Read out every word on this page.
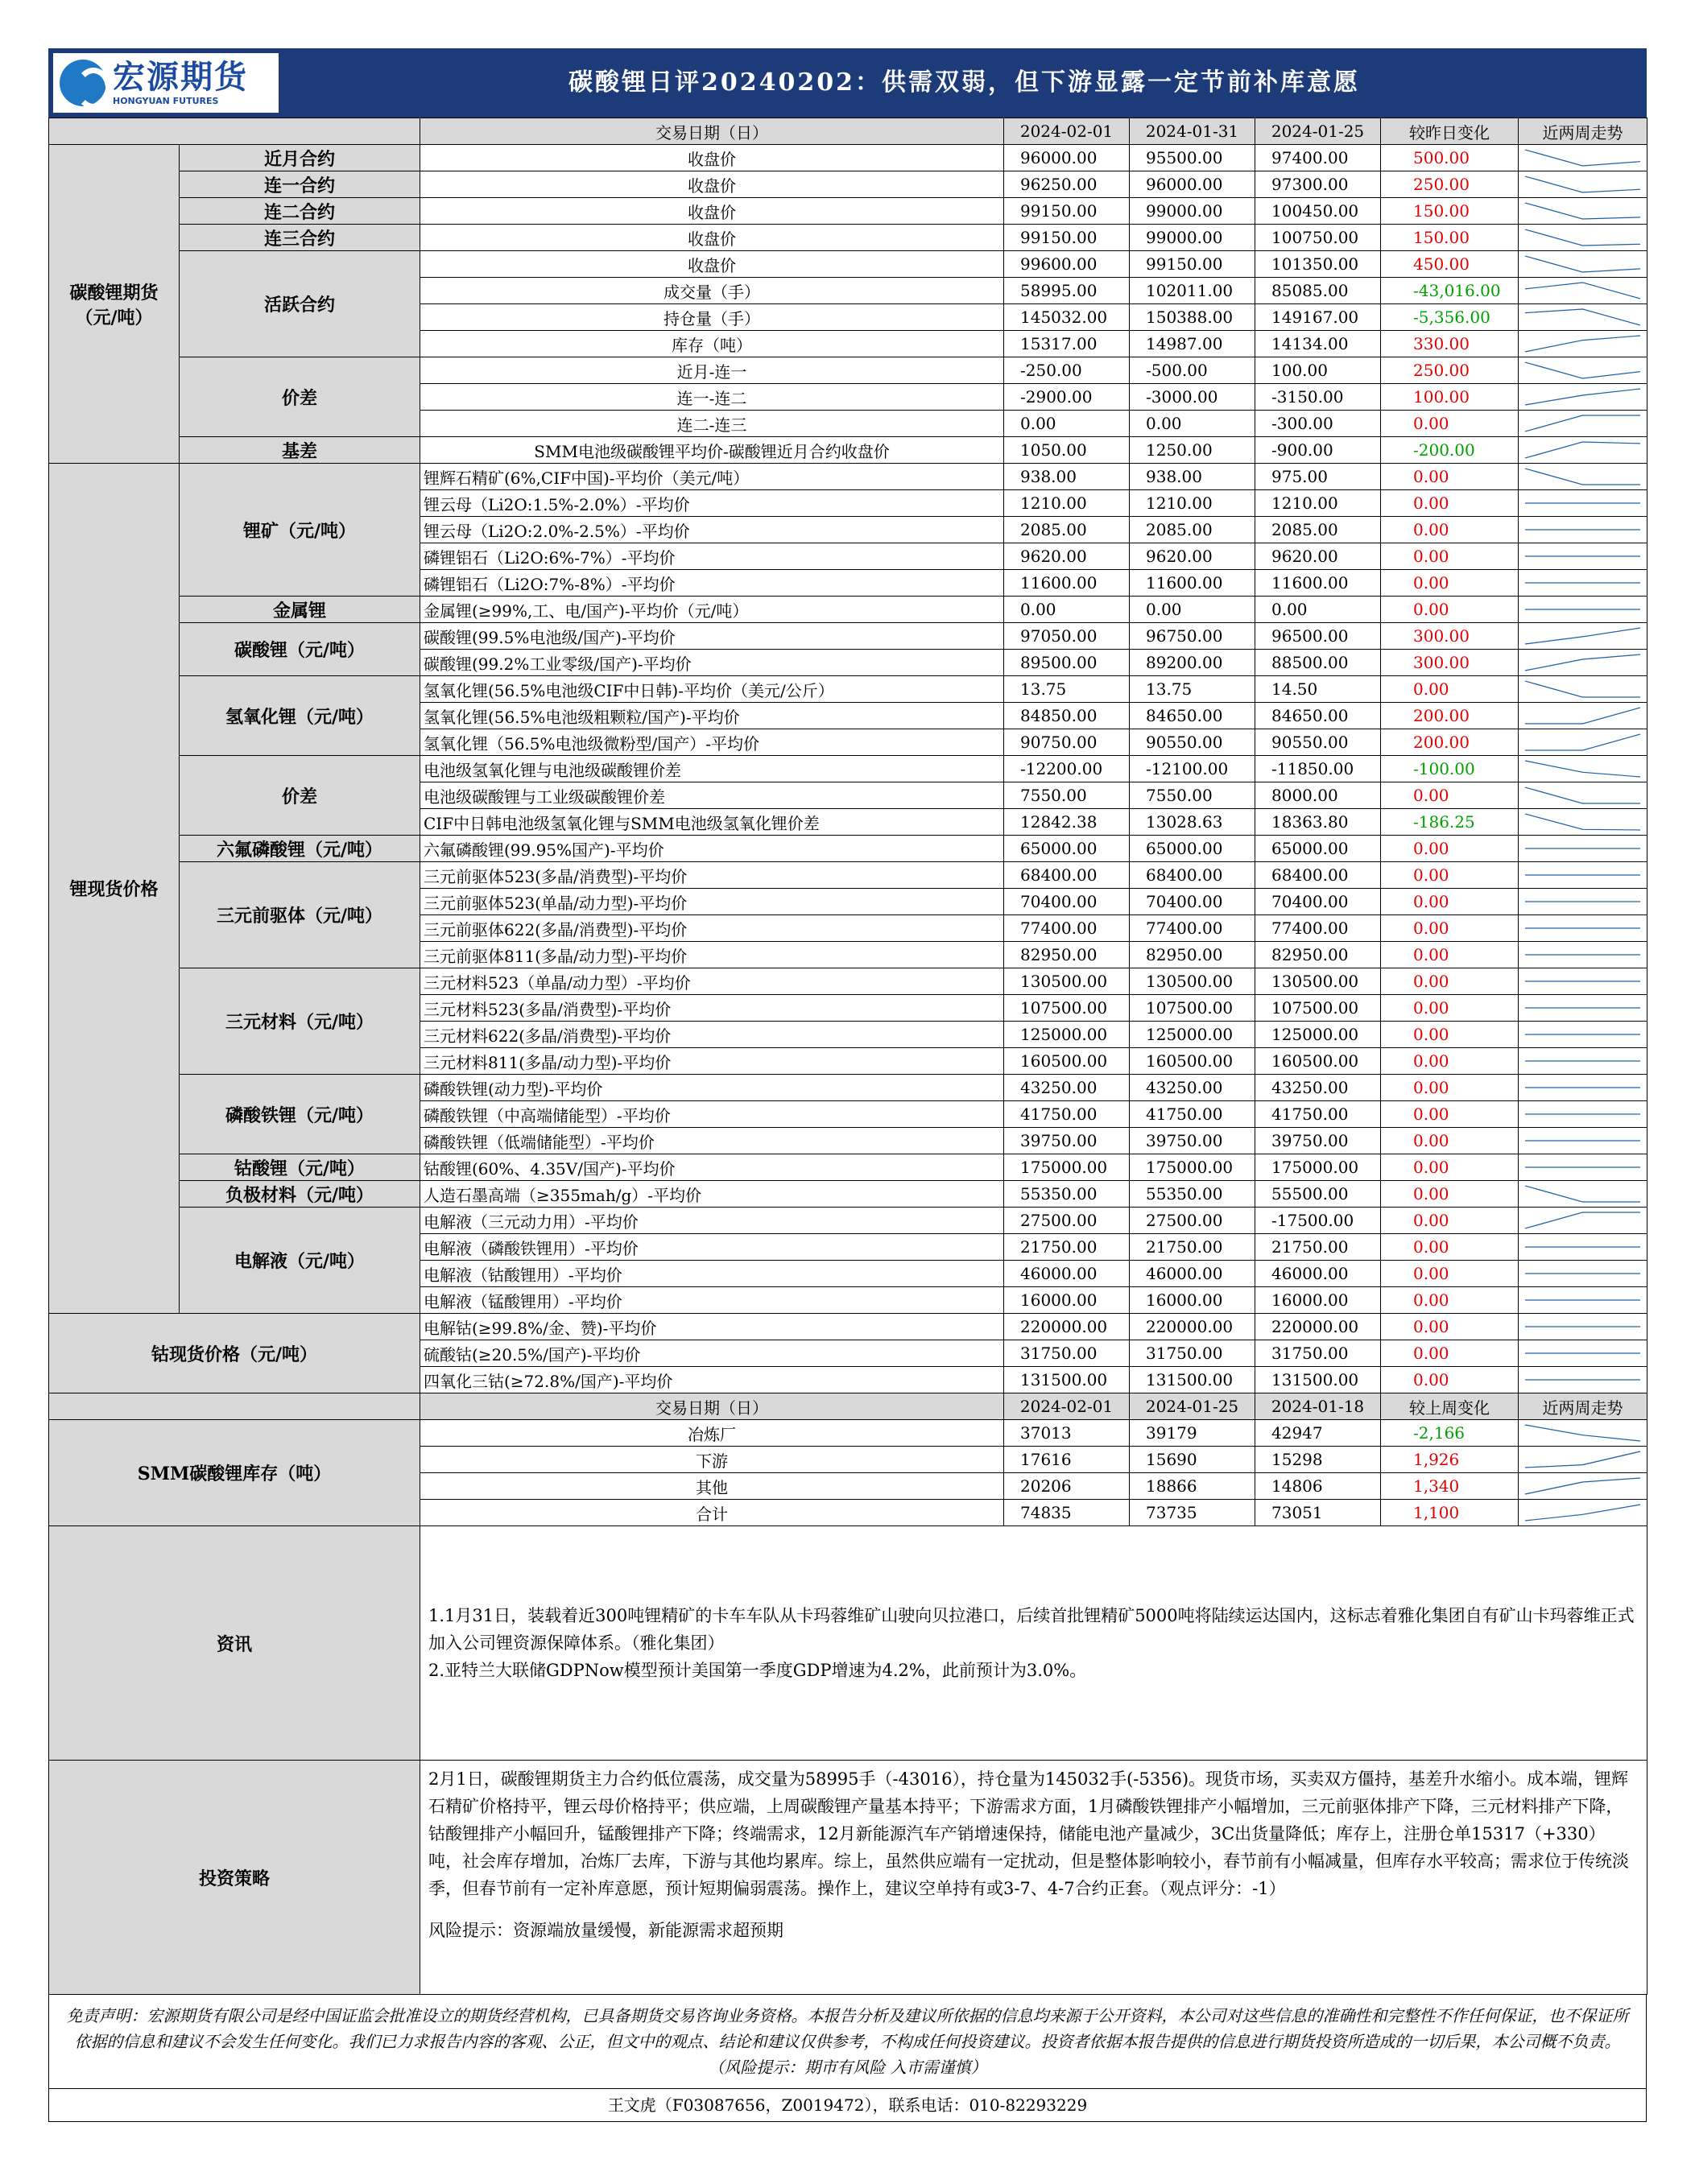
宏源期货
HONGYUAN FUTURES
碳酸锂日评20240202：供需双弱，但下游显露一定节前补库意愿
		交易日期（日）	2024-02-01	2024-01-31	2024-01-25	较昨日变化	近两周走势
碳酸锂期货
（元/吨）	近月合约	收盘价	96000.00	95500.00	97400.00	500.00	

	连一合约	收盘价	96250.00	96000.00	97300.00	250.00	

	连二合约	收盘价	99150.00	99000.00	100450.00	150.00	

	连三合约	收盘价	99150.00	99000.00	100750.00	150.00	

	活跃合约	收盘价	99600.00	99150.00	101350.00	450.00	

		成交量（手）	58995.00	102011.00	85085.00	-43,016.00	

		持仓量（手）	145032.00	150388.00	149167.00	-5,356.00	

		库存（吨）	15317.00	14987.00	14134.00	330.00	

	价差	近月-连一	-250.00	-500.00	100.00	250.00	

		连一-连二	-2900.00	-3000.00	-3150.00	100.00	

		连二-连三	0.00	0.00	-300.00	0.00	

	基差	SMM电池级碳酸锂平均价-碳酸锂近月合约收盘价	1050.00	1250.00	-900.00	-200.00	

锂现货价格	锂矿（元/吨）	锂辉石精矿(6%,CIF中国)-平均价（美元/吨）	938.00	938.00	975.00	0.00	

		锂云母（Li2O:1.5%-2.0%）-平均价	1210.00	1210.00	1210.00	0.00	

		锂云母（Li2O:2.0%-2.5%）-平均价	2085.00	2085.00	2085.00	0.00	

		磷锂铝石（Li2O:6%-7%）-平均价	9620.00	9620.00	9620.00	0.00	

		磷锂铝石（Li2O:7%-8%）-平均价	11600.00	11600.00	11600.00	0.00	

	金属锂	金属锂(≥99%,工、电/国产)-平均价（元/吨）	0.00	0.00	0.00	0.00	

	碳酸锂（元/吨）	碳酸锂(99.5%电池级/国产)-平均价	97050.00	96750.00	96500.00	300.00	

		碳酸锂(99.2%工业零级/国产)-平均价	89500.00	89200.00	88500.00	300.00	

	氢氧化锂（元/吨）	氢氧化锂(56.5%电池级CIF中日韩)-平均价（美元/公斤）	13.75	13.75	14.50	0.00	

		氢氧化锂(56.5%电池级粗颗粒/国产)-平均价	84850.00	84650.00	84650.00	200.00	

		氢氧化锂（56.5%电池级微粉型/国产）-平均价	90750.00	90550.00	90550.00	200.00	

	价差	电池级氢氧化锂与电池级碳酸锂价差	-12200.00	-12100.00	-11850.00	-100.00	

		电池级碳酸锂与工业级碳酸锂价差	7550.00	7550.00	8000.00	0.00	

		CIF中日韩电池级氢氧化锂与SMM电池级氢氧化锂价差	12842.38	13028.63	18363.80	-186.25	

	六氟磷酸锂（元/吨）	六氟磷酸锂(99.95%国产)-平均价	65000.00	65000.00	65000.00	0.00	

	三元前驱体（元/吨）	三元前驱体523(多晶/消费型)-平均价	68400.00	68400.00	68400.00	0.00	

		三元前驱体523(单晶/动力型)-平均价	70400.00	70400.00	70400.00	0.00	

		三元前驱体622(多晶/消费型)-平均价	77400.00	77400.00	77400.00	0.00	

		三元前驱体811(多晶/动力型)-平均价	82950.00	82950.00	82950.00	0.00	

	三元材料（元/吨）	三元材料523（单晶/动力型）-平均价	130500.00	130500.00	130500.00	0.00	

		三元材料523(多晶/消费型)-平均价	107500.00	107500.00	107500.00	0.00	

		三元材料622(多晶/消费型)-平均价	125000.00	125000.00	125000.00	0.00	

		三元材料811(多晶/动力型)-平均价	160500.00	160500.00	160500.00	0.00	

	磷酸铁锂（元/吨）	磷酸铁锂(动力型)-平均价	43250.00	43250.00	43250.00	0.00	

		磷酸铁锂（中高端储能型）-平均价	41750.00	41750.00	41750.00	0.00	

		磷酸铁锂（低端储能型）-平均价	39750.00	39750.00	39750.00	0.00	

	钴酸锂（元/吨）	钴酸锂(60%、4.35V/国产)-平均价	175000.00	175000.00	175000.00	0.00	

	负极材料（元/吨）	人造石墨高端（≥355mah/g）-平均价	55350.00	55350.00	55500.00	0.00	

	电解液（元/吨）	电解液（三元动力用）-平均价	27500.00	27500.00	-17500.00	0.00	

		电解液（磷酸铁锂用）-平均价	21750.00	21750.00	21750.00	0.00	

		电解液（钴酸锂用）-平均价	46000.00	46000.00	46000.00	0.00	

		电解液（锰酸锂用）-平均价	16000.00	16000.00	16000.00	0.00	

钴现货价格（元/吨）		电解钴(≥99.8%/金、赞)-平均价	220000.00	220000.00	220000.00	0.00	

		硫酸钴(≥20.5%/国产)-平均价	31750.00	31750.00	31750.00	0.00	

		四氧化三钴(≥72.8%/国产)-平均价	131500.00	131500.00	131500.00	0.00	

		交易日期（日）	2024-02-01	2024-01-25	2024-01-18	较上周变化	近两周走势
SMM碳酸锂库存（吨）		冶炼厂	37013	39179	42947	-2,166	

		下游	17616	15690	15298	1,926	

		其他	20206	18866	14806	1,340	

		合计	74835	73735	73051	1,100	

资讯		1.1月31日，装载着近300吨锂精矿的卡车车队从卡玛蓉维矿山驶向贝拉港口，后续首批锂精矿5000吨将陆续运达国内，这标志着雅化集团自有矿山卡玛蓉维正式加入公司锂资源保障体系。（雅化集团）
2.亚特兰大联储GDPNow模型预计美国第一季度GDP增速为4.2%，此前预计为3.0%。					

投资策略		2月1日，碳酸锂期货主力合约低位震荡，成交量为58995手（-43016），持仓量为145032手(-5356)。现货市场，买卖双方僵持，基差升水缩小。成本端，锂辉石精矿价格持平，锂云母价格持平；供应端，上周碳酸锂产量基本持平；下游需求方面，1月磷酸铁锂排产小幅增加，三元前驱体排产下降，三元材料排产下降，钴酸锂排产小幅回升，锰酸锂排产下降；终端需求，12月新能源汽车产销增速保持，储能电池产量减少，3C出货量降低；库存上，注册仓单15317（+330）吨，社会库存增加，冶炼厂去库，下游与其他均累库。综上，虽然供应端有一定扰动，但是整体影响较小，春节前有小幅减量，但库存水平较高；需求位于传统淡季，但春节前有一定补库意愿，预计短期偏弱震荡。操作上，建议空单持有或3-7、4-7合约正套。（观点评分：-1）
风险提示：资源端放量缓慢，新能源需求超预期					
免责声明：宏源期货有限公司是经中国证监会批准设立的期货经营机构，已具备期货交易咨询业务资格。本报告分析及建议所依据的信息均来源于公开资料，本公司对这些信息的准确性和完整性不作任何保证，也不保证所依据的信息和建议不会发生任何变化。我们已力求报告内容的客观、公正，但文中的观点、结论和建议仅供参考，不构成任何投资建议。投资者依据本报告提供的信息进行期货投资所造成的一切后果，本公司概不负责。（风险提示：期市有风险 入市需谨慎）
王文虎（F03087656，Z0019472），联系电话：010-82293229
